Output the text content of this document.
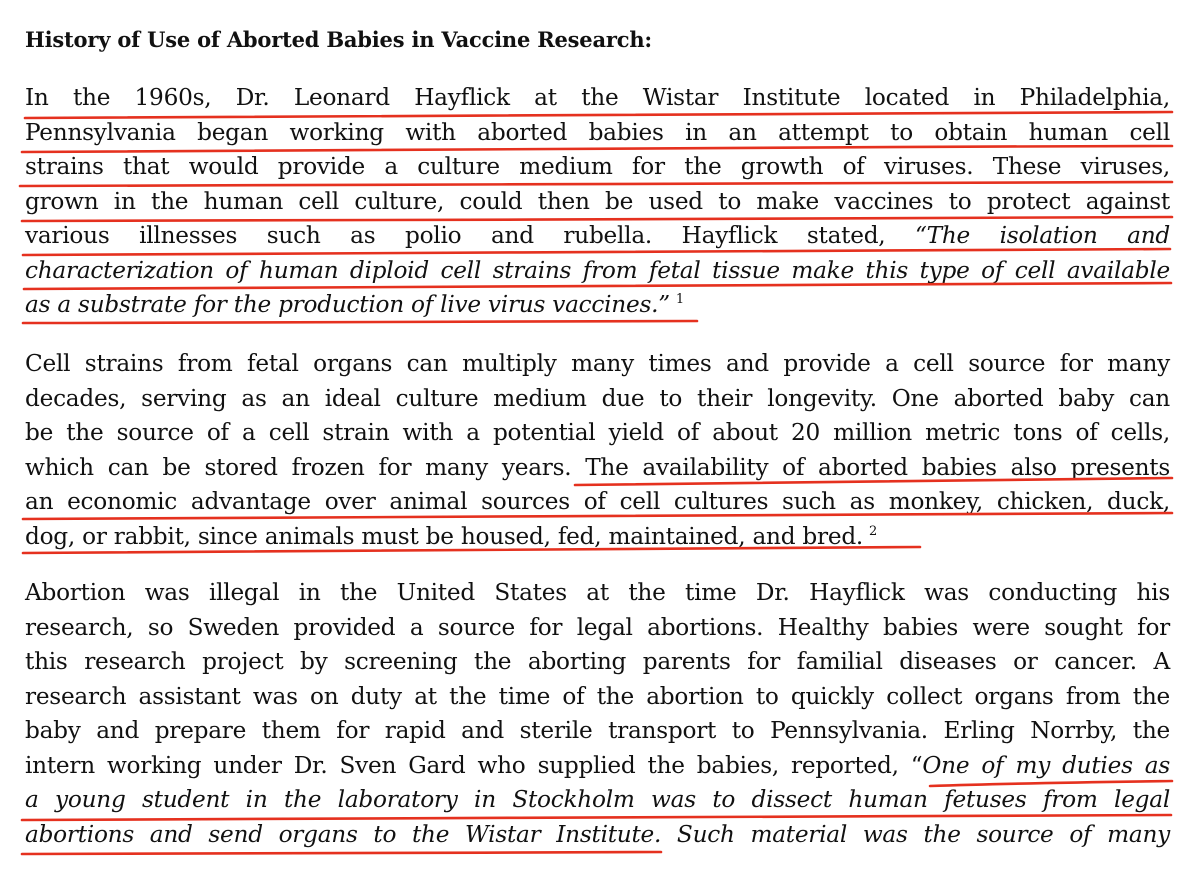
History of Use of Aborted Babies in Vaccine Research:
In the 1960s, Dr. Leonard Hayflick at the Wistar Institute located in Philadelphia,
Pennsylvania began working with aborted babies in an attempt to obtain human cell
strains that would provide a culture medium for the growth of viruses. These viruses,
grown in the human cell culture, could then be used to make vaccines to protect against
various illnesses such as polio and rubella. Hayflick stated, “The isolation and
characterization of human diploid cell strains from fetal tissue make this type of cell available
as a substrate for the production of live virus vaccines.” $^1$
Cell strains from fetal organs can multiply many times and provide a cell source for many
decades, serving as an ideal culture medium due to their longevity. One aborted baby can
be the source of a cell strain with a potential yield of about 20 million metric tons of cells,
which can be stored frozen for many years. The availability of aborted babies also presents
an economic advantage over animal sources of cell cultures such as monkey, chicken, duck,
dog, or rabbit, since animals must be housed, fed, maintained, and bred. $^2$
Abortion was illegal in the United States at the time Dr. Hayflick was conducting his
research, so Sweden provided a source for legal abortions. Healthy babies were sought for
this research project by screening the aborting parents for familial diseases or cancer. A
research assistant was on duty at the time of the abortion to quickly collect organs from the
baby and prepare them for rapid and sterile transport to Pennsylvania. Erling Norrby, the
intern working under Dr. Sven Gard who supplied the babies, reported, “One of my duties as
a young student in the laboratory in Stockholm was to dissect human fetuses from legal
abortions and send organs to the Wistar Institute. Such material was the source of many
